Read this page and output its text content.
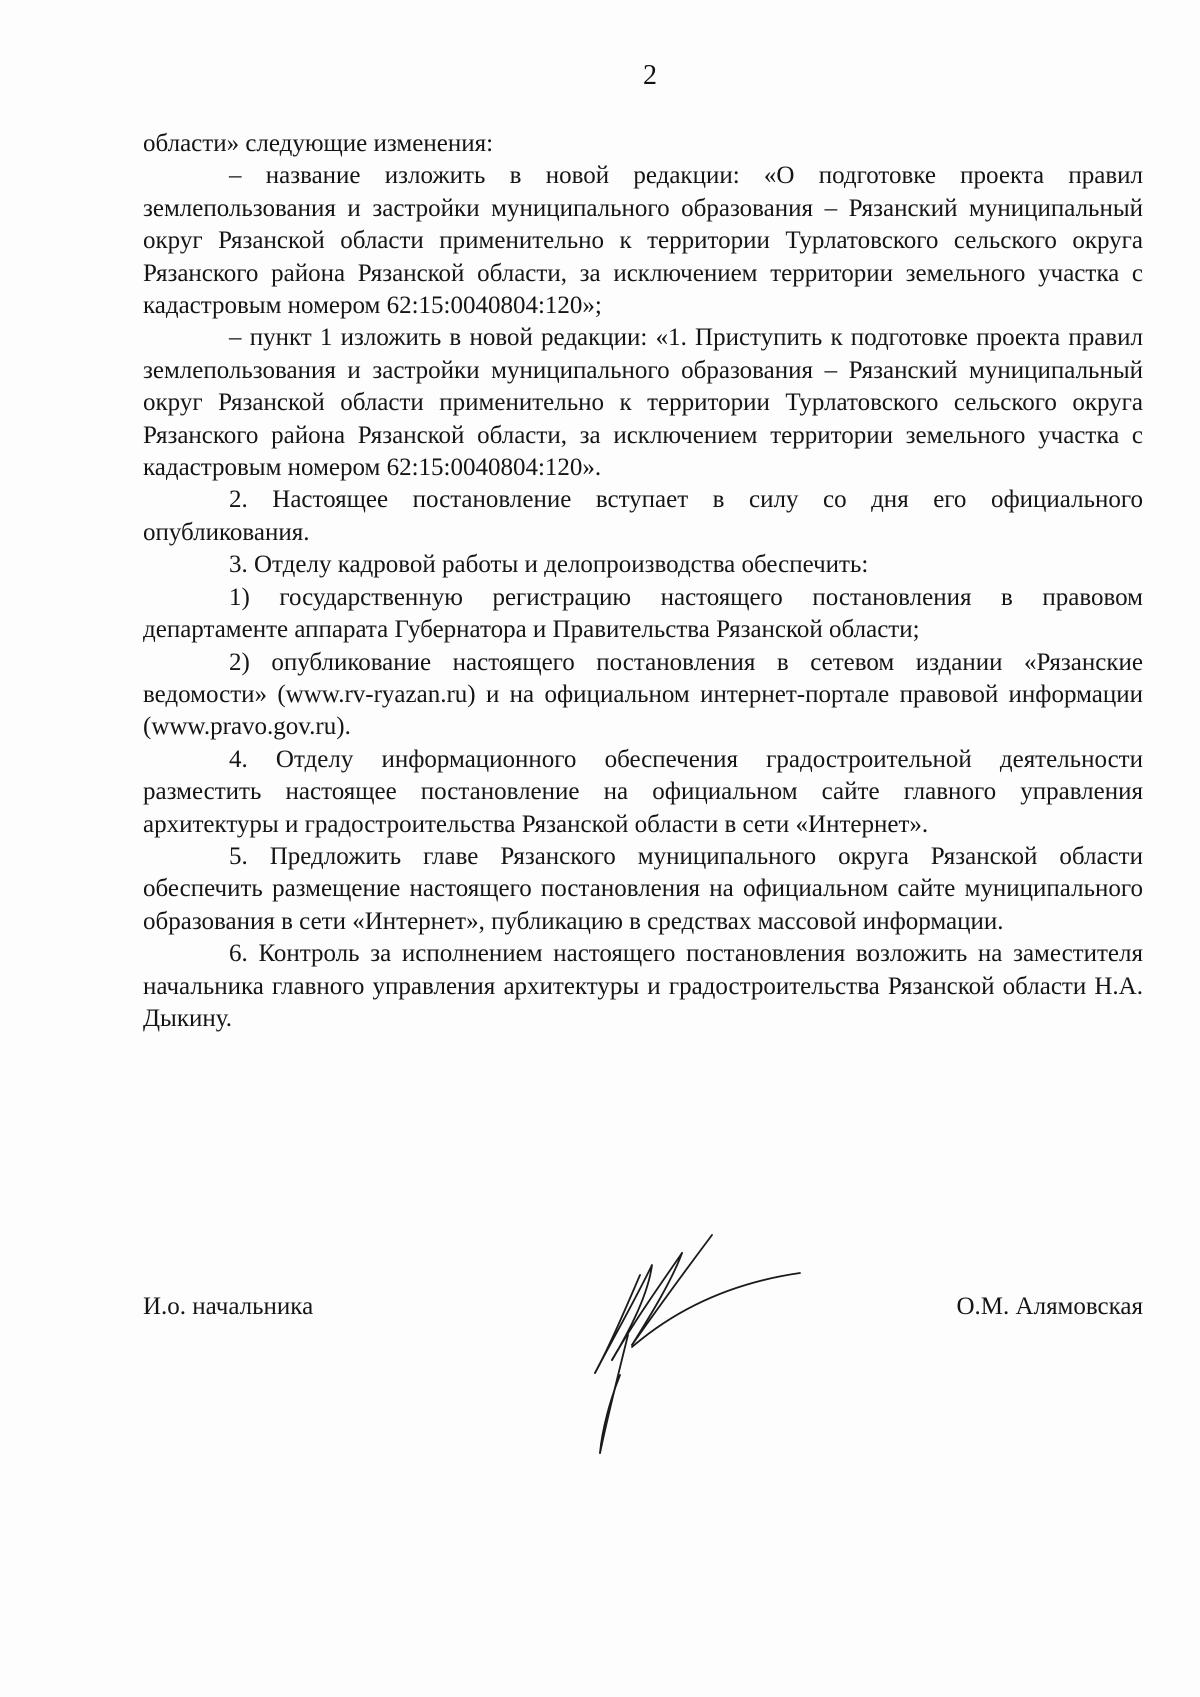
2

области» следующие изменения:

– название изложить в новой редакции: «О подготовке проекта правил землепользования и застройки муниципального образования – Рязанский муниципальный округ Рязанской области применительно к территории Турлатовского сельского округа Рязанского района Рязанской области, за исключением территории земельного участка с кадастровым номером 62:15:0040804:120»;

– пункт 1 изложить в новой редакции: «1. Приступить к подготовке проекта правил землепользования и застройки муниципального образования – Рязанский муниципальный округ Рязанской области применительно к территории Турлатовского сельского округа Рязанского района Рязанской области, за исключением территории земельного участка с кадастровым номером 62:15:0040804:120».

2. Настоящее постановление вступает в силу со дня его официального опубликования.

3. Отделу кадровой работы и делопроизводства обеспечить:

1) государственную регистрацию настоящего постановления в правовом департаменте аппарата Губернатора и Правительства Рязанской области;

2) опубликование настоящего постановления в сетевом издании «Рязанские ведомости» (www.rv-ryazan.ru) и на официальном интернет-портале правовой информации (www.pravo.gov.ru).

4. Отделу информационного обеспечения градостроительной деятельности разместить настоящее постановление на официальном сайте главного управления архитектуры и градостроительства Рязанской области в сети «Интернет».

5. Предложить главе Рязанского муниципального округа Рязанской области обеспечить размещение настоящего постановления на официальном сайте муниципального образования в сети «Интернет», публикацию в средствах массовой информации.

6. Контроль за исполнением настоящего постановления возложить на заместителя начальника главного управления архитектуры и градостроительства Рязанской области Н.А. Дыкину.

И.о. начальника	О.М. Алямовская
